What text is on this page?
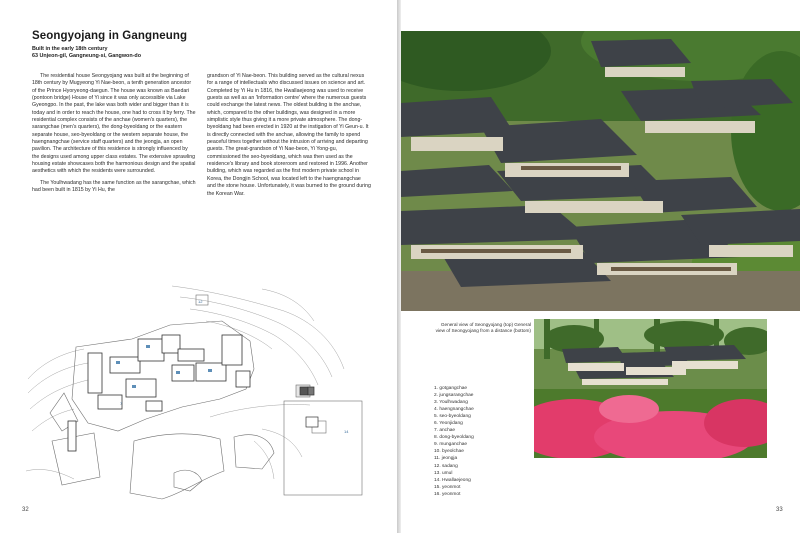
Seongyojang in Gangneung
Built in the early 18th century
63 Unjeon-gil, Gangneung-si, Gangwon-do

The residential house Seongyojang was built at the beginning of 18th century by Mugyeong Yi Nae-beon, a tenth generation ancestor of the Prince Hyoryeong-daegun. The house was known as Baedari (pontoon bridge) House of Yi since it was only accessible via Lake Gyeongpo. In the past, the lake was both wider and bigger than it is today and in order to reach the house, one had to cross it by ferry. The residential complex consists of the anchae (women's quarters), the sarangchae (men's quarters), the dong-byeoldang or the eastern separate house, seo-byeoldang or the western separate house, the haengnangchae (service staff quarters) and the jeongja, an open pavilion. The architecture of this residence is strongly influenced by the designs used among upper class estates. The extensive sprawling housing estate showcases both the harmonious design and the spatial aesthetics with which the residents were surrounded.

The Youlhwadang has the same function as the sarangchae, which had been built in 1815 by Yi Hu, the

grandson of Yi Nae-beon. This building served as the cultural nexus for a range of intellectuals who discussed issues on science and art. Completed by Yi Hu in 1816, the Hwallaejeong was used to receive guests as well as an 'Information centre' where the numerous guests could exchange the latest news. The oldest building is the anchae, which, compared to the other buildings, was designed in a more simplistic style thus giving it a more private atmosphere. The dong-byeoldang had been erected in 1920 at the instigation of Yi Geun-u. It is directly connected with the anchae, allowing the family to spend peaceful times together without the intrusion of arriving and departing guests. The great-grandson of Yi Nae-beon, Yi Yong-gu, commissioned the seo-byeoldang, which was then used as the residence's library and book storeroom and restored in 1996. Another building, which was regarded as the first modern private school in Korea, the Dongjin School, was located left to the haengnangchae and the stone house. Unfortunately, it was burned to the ground during the Korean War.

7
14
12
32
General view of Seongyojang (top) General view of Seongyojang from a distance (bottom)
1. gotgangchae
2. jungsarangchae
3. Youlhwadang
4. haengnangchae
5. seo-byeoldang
6. Yeonjidang
7. anchae
8. dong-byeoldang
9. munganchae
10. byeolchae
11. jeongja
12. sadang
13. umul
14. Hwallaejeong
15. yeonmot
16. yeonmot
33
